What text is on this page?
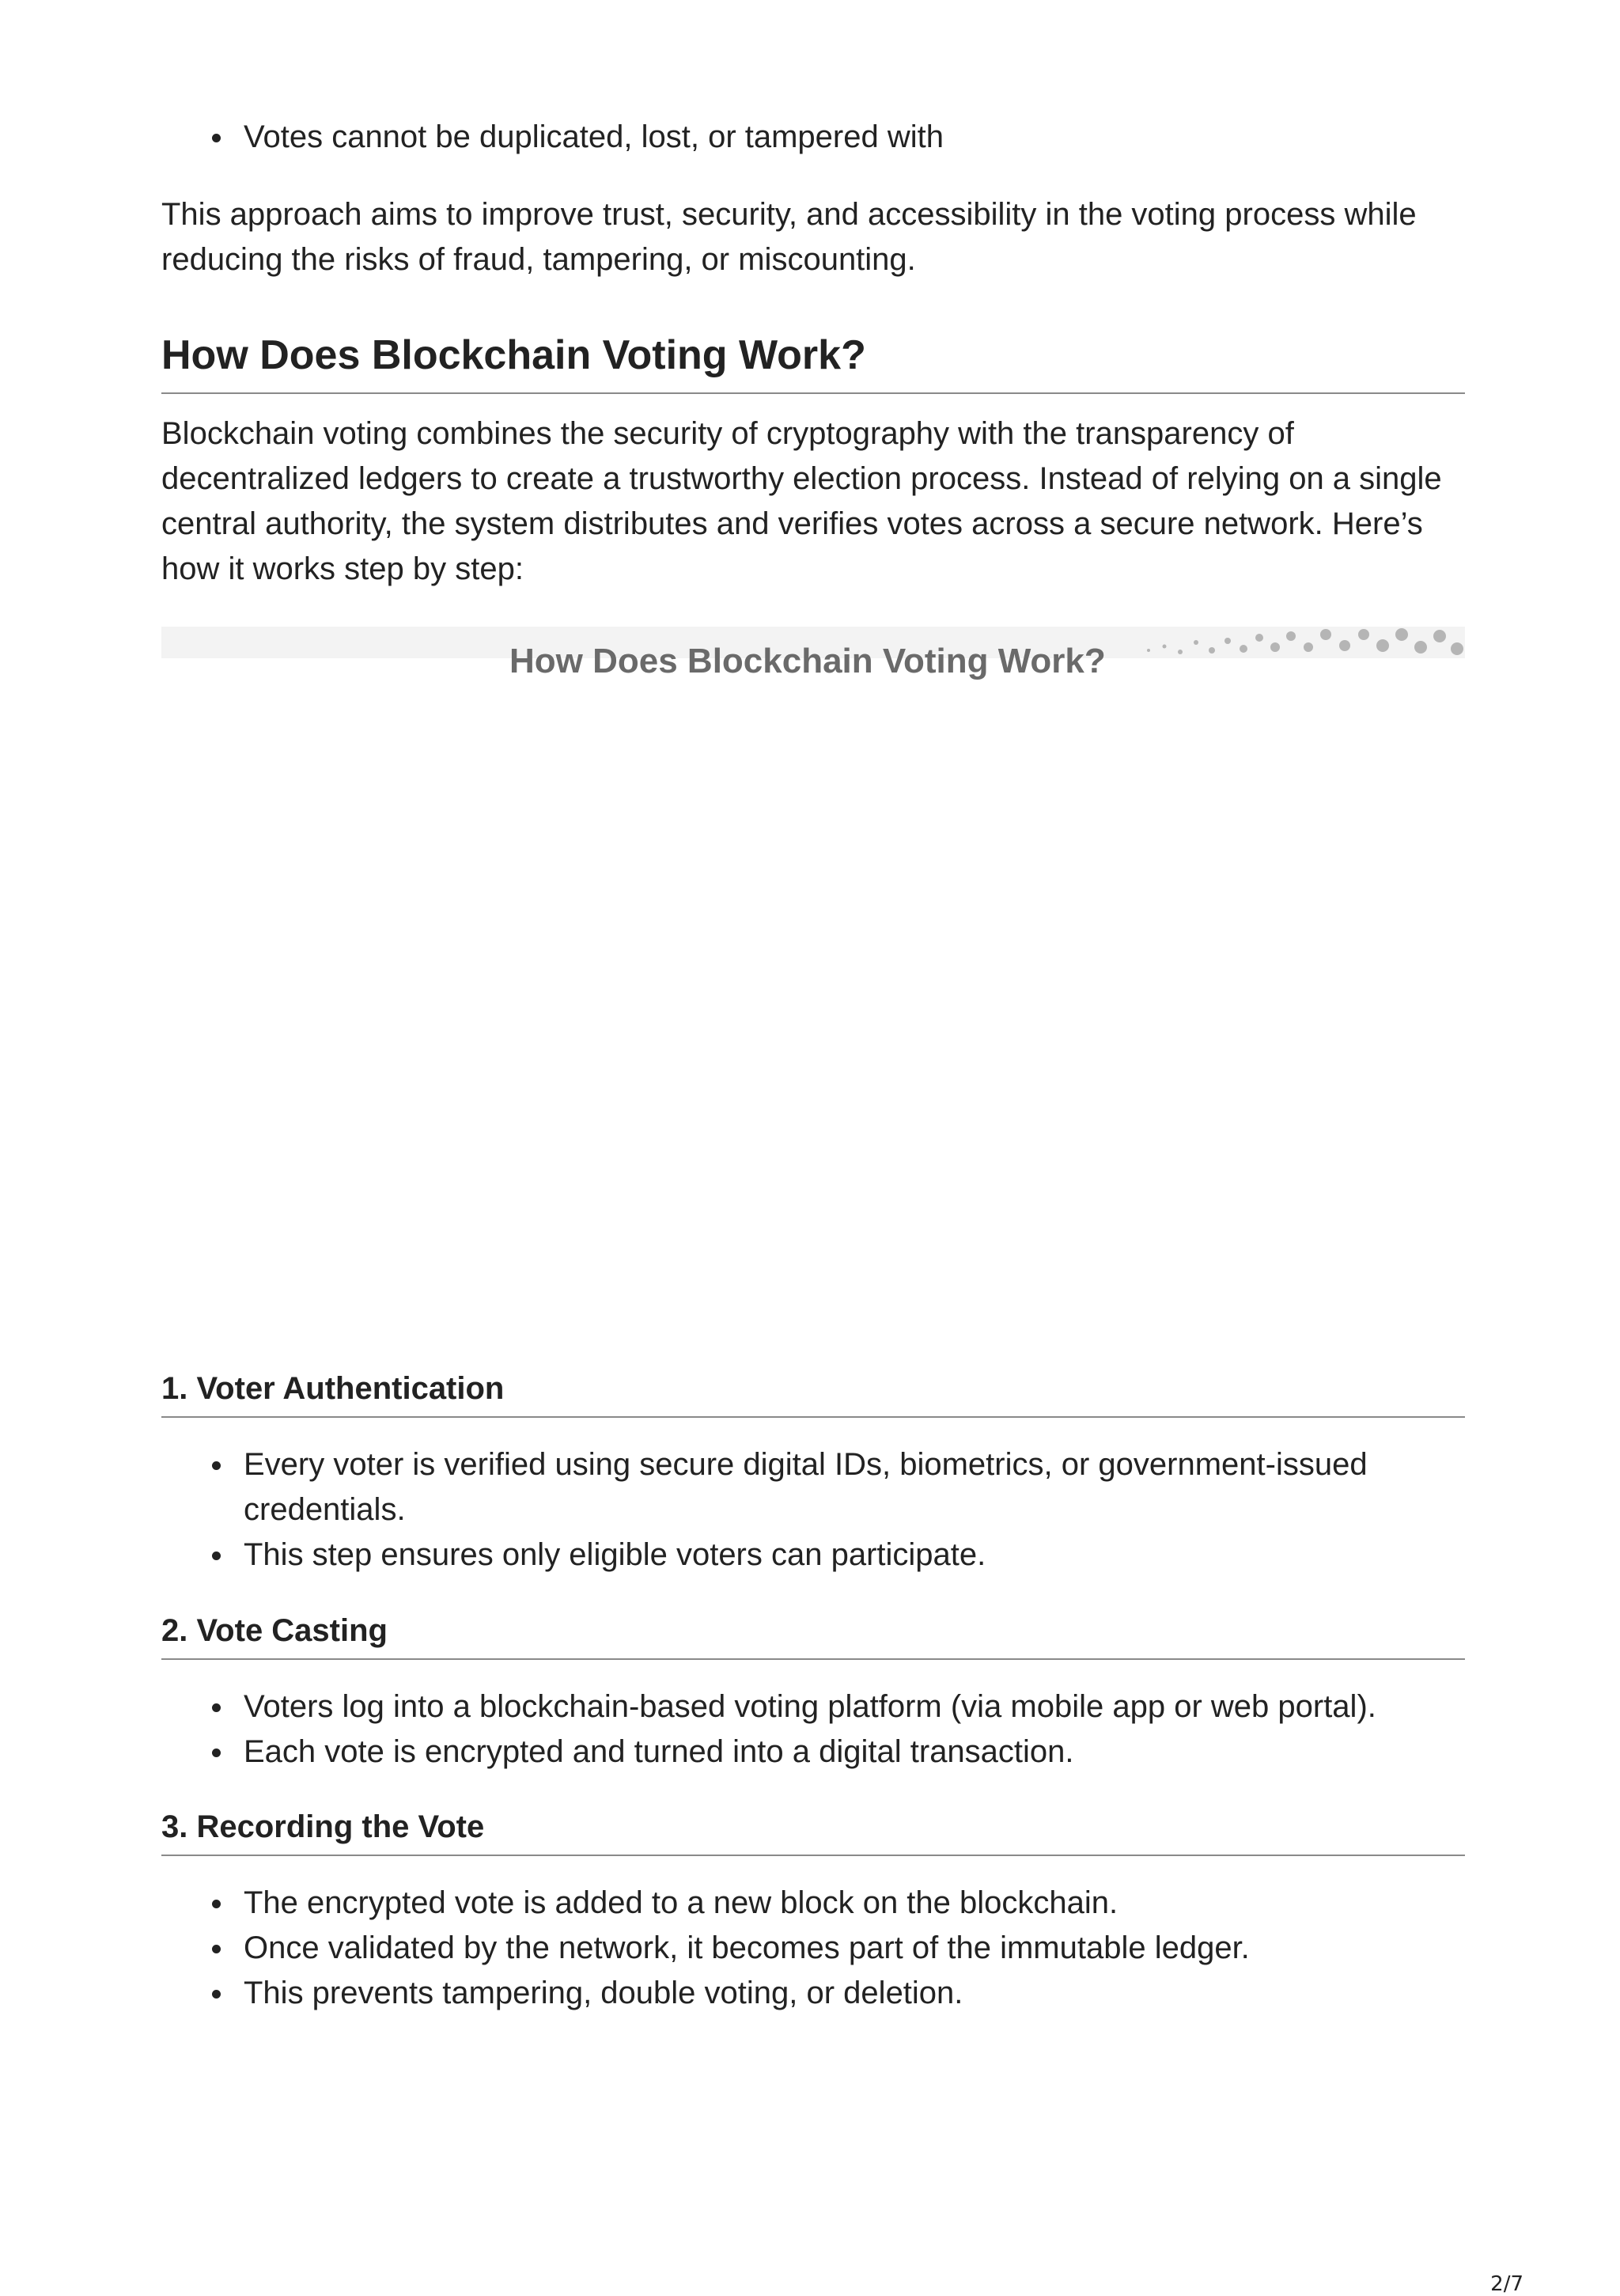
Votes cannot be duplicated, lost, or tampered with

This approach aims to improve trust, security, and accessibility in the voting process while reducing the risks of fraud, tampering, or miscounting.

How Does Blockchain Voting Work?

Blockchain voting combines the security of cryptography with the transparency of decentralized ledgers to create a trustworthy election process. Instead of relying on a single central authority, the system distributes and verifies votes across a secure network. Here’s how it works step by step:

How Does Blockchain Voting Work?
1. Voter Authentication
Every voter is verified using secure digital IDs, biometrics, or government-issued credentials.
This step ensures only eligible voters can participate.
2. Vote Casting
Voters log into a blockchain-based voting platform (via mobile app or web portal).
Each vote is encrypted and turned into a digital transaction.
3. Recording the Vote
The encrypted vote is added to a new block on the blockchain.
Once validated by the network, it becomes part of the immutable ledger.
This prevents tampering, double voting, or deletion.
2/7
